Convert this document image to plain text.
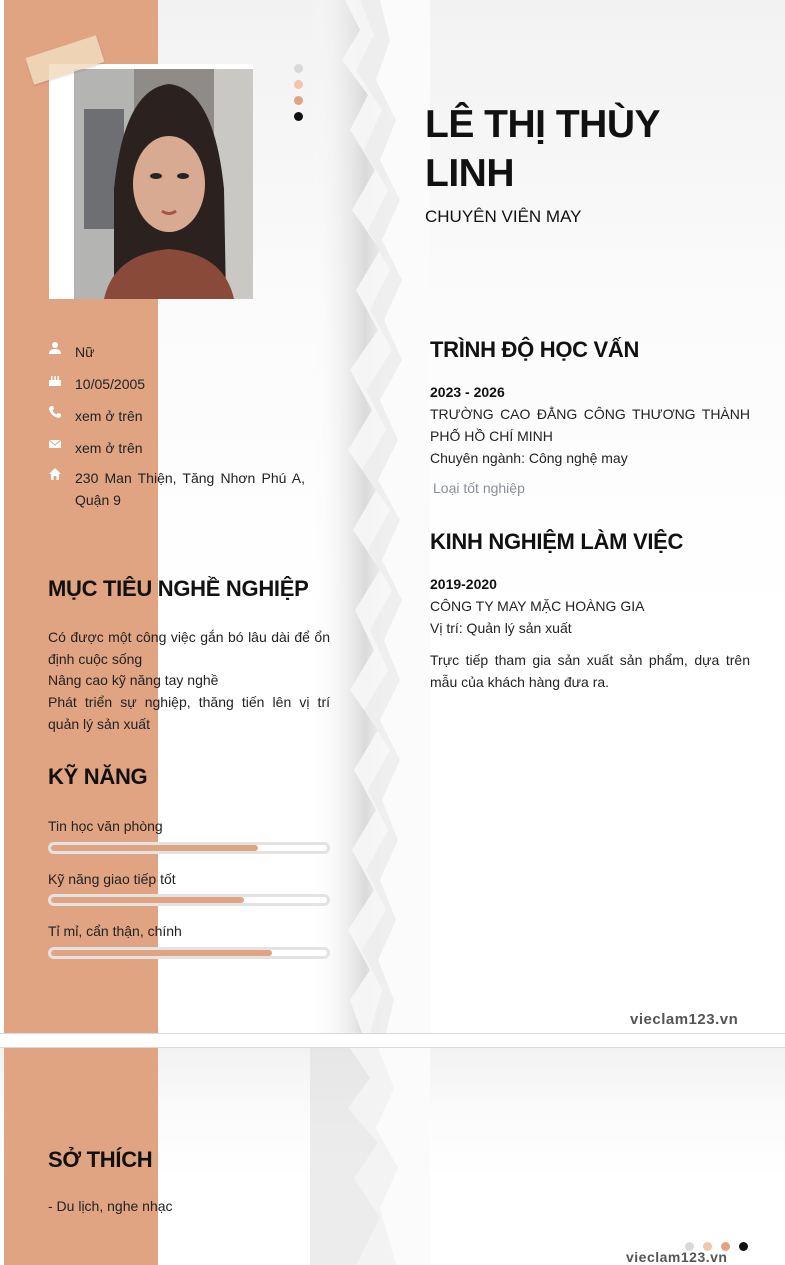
LÊ THỊ THÙY LINH
CHUYÊN VIÊN MAY
Nữ
10/05/2005
xem ở trên
xem ở trên
230 Man Thiện, Tăng Nhơn Phú A, Quận 9
MỤC TIÊU NGHỀ NGHIỆP
Có được một công việc gắn bó lâu dài để ổn định cuộc sống
Nâng cao kỹ năng tay nghề
Phát triển sự nghiệp, thăng tiến lên vị trí quản lý sản xuất
KỸ NĂNG
Tin học văn phòng
Kỹ năng giao tiếp tốt
Tỉ mỉ, cẩn thận, chính
TRÌNH ĐỘ HỌC VẤN
2023 - 2026
TRƯỜNG CAO ĐẲNG CÔNG THƯƠNG THÀNH PHỐ HỒ CHÍ MINH
Chuyên ngành: Công nghệ may
Loại tốt nghiệp
KINH NGHIỆM LÀM VIỆC
2019-2020
CÔNG TY MAY MẶC HOÀNG GIA
Vị trí: Quản lý sản xuất
Trực tiếp tham gia sản xuất sản phẩm, dựa trên mẫu của khách hàng đưa ra.
vieclam123.vn
SỞ THÍCH
- Du lịch, nghe nhạc
vieclam123.vn
